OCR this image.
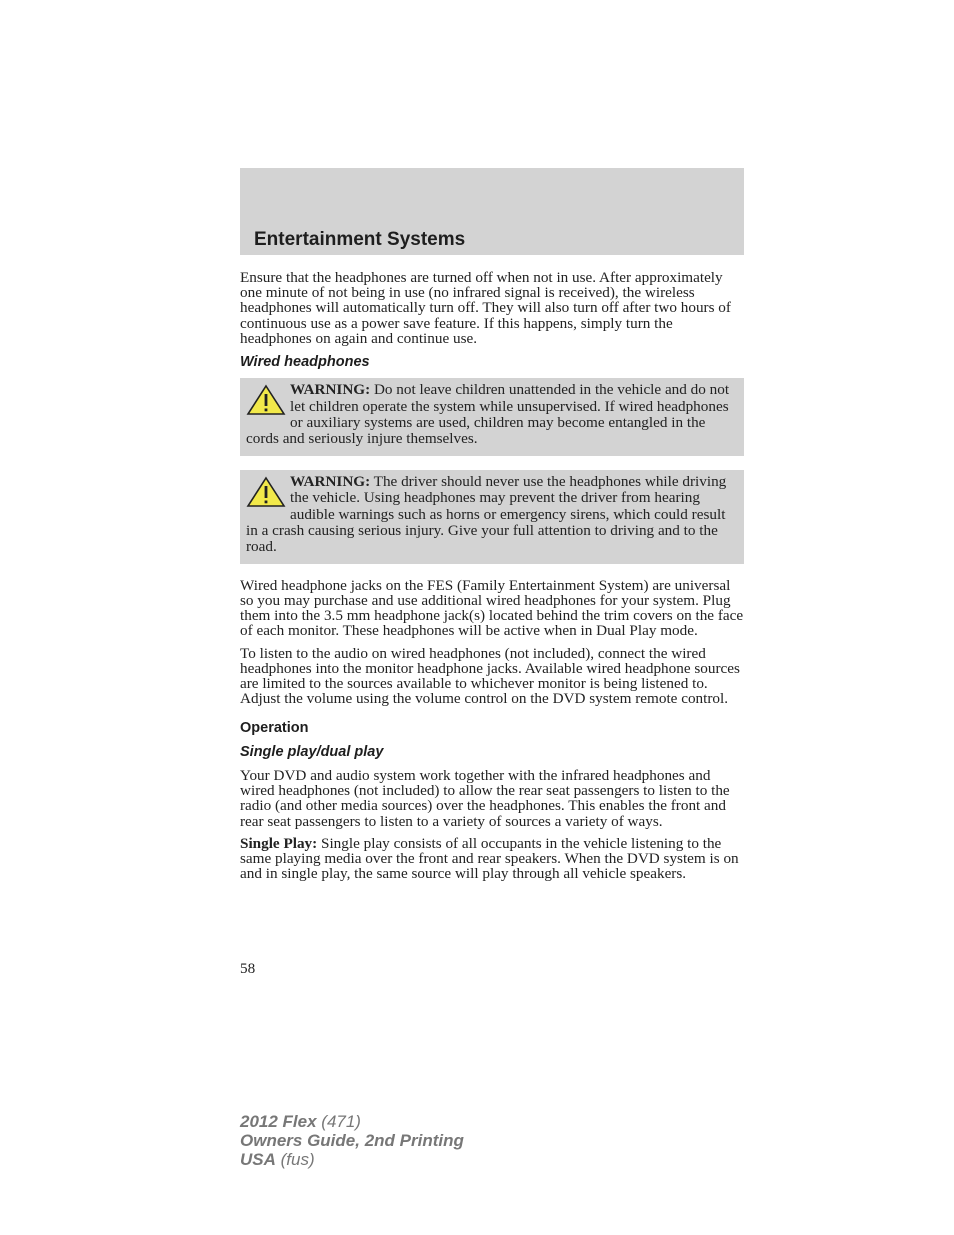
Entertainment Systems

Ensure that the headphones are turned off when not in use. After approximately one minute of not being in use (no infrared signal is received), the wireless headphones will automatically turn off. They will also turn off after two hours of continuous use as a power save feature. If this happens, simply turn the headphones on again and continue use.

Wired headphones
WARNING: Do not leave children unattended in the vehicle and do not let children operate the system while unsupervised. If wired headphones or auxiliary systems are used, children may become entangled in the cords and seriously injure themselves.
WARNING: The driver should never use the headphones while driving the vehicle. Using headphones may prevent the driver from hearing audible warnings such as horns or emergency sirens, which could result in a crash causing serious injury. Give your full attention to driving and to the road.

Wired headphone jacks on the FES (Family Entertainment System) are universal so you may purchase and use additional wired headphones for your system. Plug them into the 3.5 mm headphone jack(s) located behind the trim covers on the face of each monitor. These headphones will be active when in Dual Play mode.

To listen to the audio on wired headphones (not included), connect the wired headphones into the monitor headphone jacks. Available wired headphone sources are limited to the sources available to whichever monitor is being listened to. Adjust the volume using the volume control on the DVD system remote control.

Operation
Single play/dual play

Your DVD and audio system work together with the infrared headphones and wired headphones (not included) to allow the rear seat passengers to listen to the radio (and other media sources) over the headphones. This enables the front and rear seat passengers to listen to a variety of sources a variety of ways.

Single Play: Single play consists of all occupants in the vehicle listening to the same playing media over the front and rear speakers. When the DVD system is on and in single play, the same source will play through all vehicle speakers.

58
2012 Flex (471)
Owners Guide, 2nd Printing
USA (fus)
